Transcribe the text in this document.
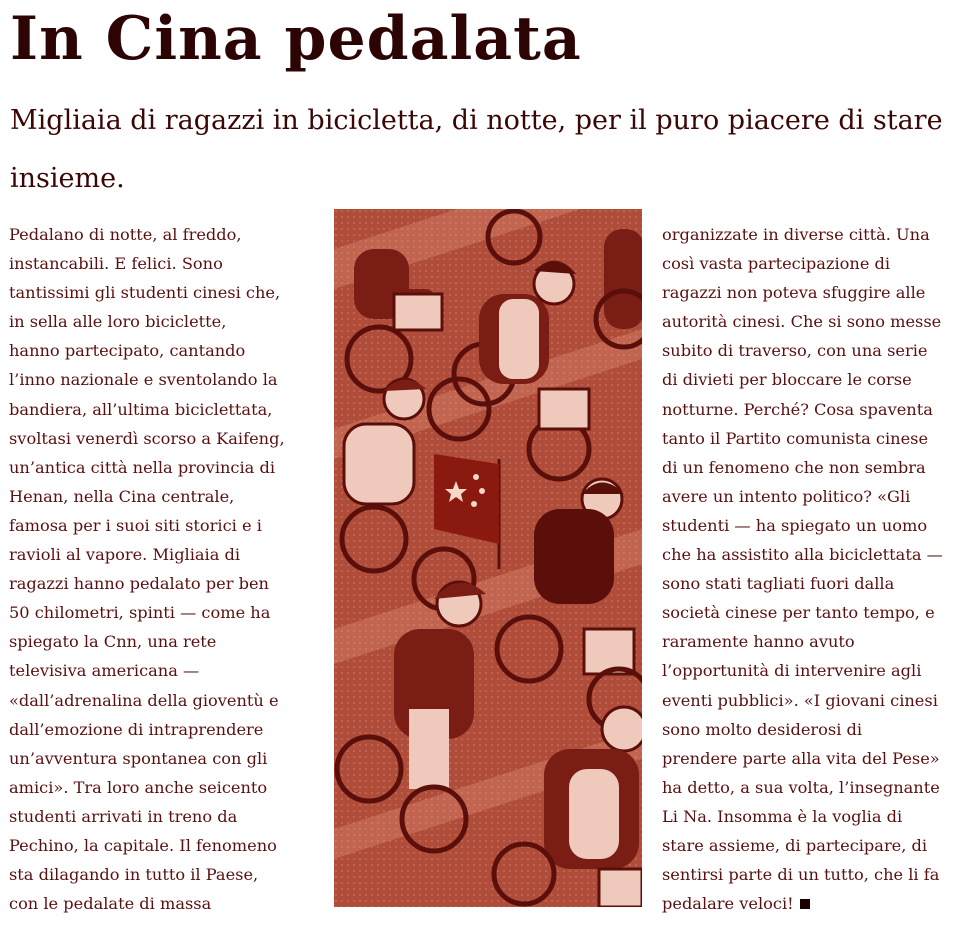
In Cina pedalata
Migliaia di ragazzi in bicicletta, di notte, per il puro piacere di stare insieme.

Pedalano di notte, al freddo,
instancabili. E felici. Sono
tantissimi gli studenti cinesi che,
in sella alle loro biciclette,
hanno partecipato, cantando
l’inno nazionale e sventolando la
bandiera, all’ultima biciclettata,
svoltasi venerdì scorso a Kaifeng,
un’antica città nella provincia di
Henan, nella Cina centrale,
famosa per i suoi siti storici e i
ravioli al vapore. Migliaia di
ragazzi hanno pedalato per ben
50 chilometri, spinti — come ha
spiegato la Cnn, una rete
televisiva americana —
«dall’adrenalina della gioventù e
dall’emozione di intraprendere
un’avventura spontanea con gli
amici». Tra loro anche seicento
studenti arrivati in treno da
Pechino, la capitale. Il fenomeno
sta dilagando in tutto il Paese,
con le pedalate di massa

organizzate in diverse città. Una
così vasta partecipazione di
ragazzi non poteva sfuggire alle
autorità cinesi. Che si sono messe
subito di traverso, con una serie
di divieti per bloccare le corse
notturne. Perché? Cosa spaventa
tanto il Partito comunista cinese
di un fenomeno che non sembra
avere un intento politico? «Gli
studenti — ha spiegato un uomo
che ha assistito alla biciclettata —
sono stati tagliati fuori dalla
società cinese per tanto tempo, e
raramente hanno avuto
l’opportunità di intervenire agli
eventi pubblici». «I giovani cinesi
sono molto desiderosi di
prendere parte alla vita del Pese»
ha detto, a sua volta, l’insegnante
Li Na. Insomma è la voglia di
stare assieme, di partecipare, di
sentirsi parte di un tutto, che li fa
pedalare veloci!
